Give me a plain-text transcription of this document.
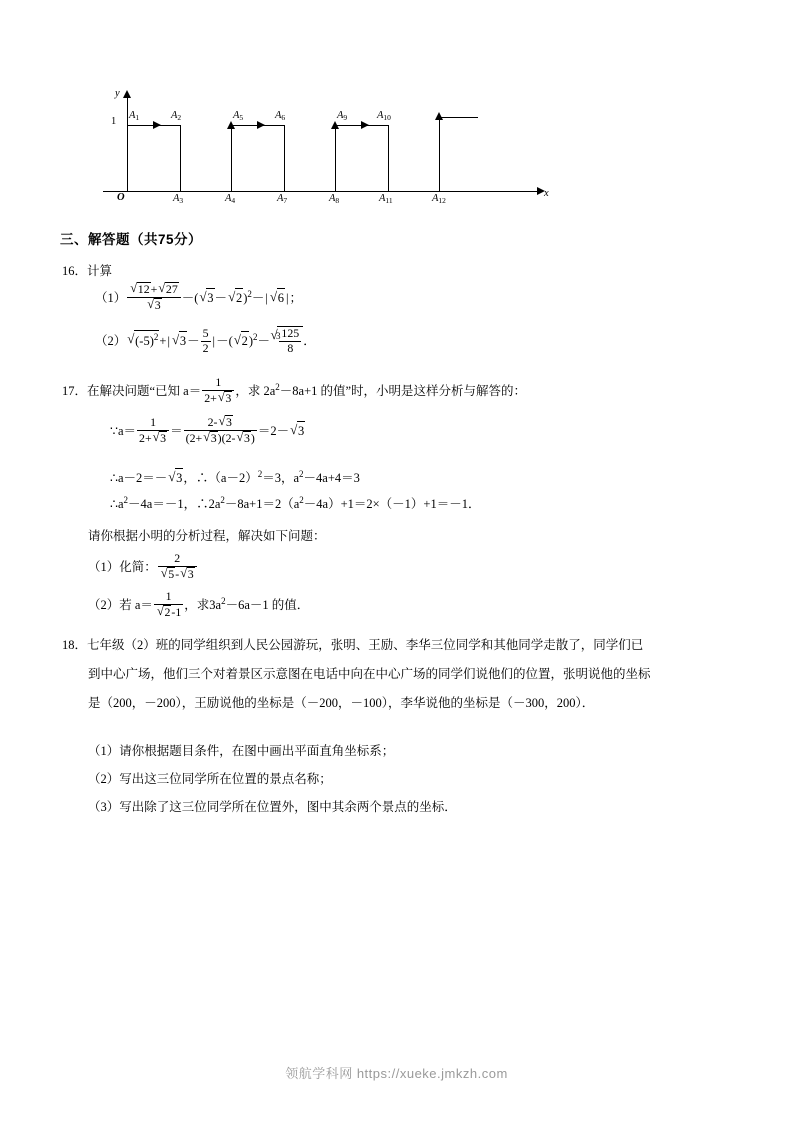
y
x
O
1
$A_1$	$A_2$	$A_5$	$A_6$	$A_9$	$A_{10}$
$A_3$	$A_4$	$A_7$	$A_8$	$A_{11}$	$A_{12}$
三、解答题（共75分）
16．计算
（1） √ 12+ √ 27
√ 3 －( √ 3－ √ 2)$^2$－| √ 6 |；
（2） √ $(-5)^2+|$ √ $3- \frac{5}{2}$ |－( √ 2)$^2$－ $^3$
√ $\frac{125}{8}$ ．
17．在解决问题“已知 $a= \frac{1}{2+ √ 3}$ ，求 $2a^2-8a+1$ 的值”时，小明是这样分析与解答的：
∵a＝ $\frac{1}{2+ √ 3} = \frac{2- √ 3}{(2+ √ 3)(2- √ 3)} =2-$ √ 3
∴a－2＝－ √ 3，$\therefore(a-2)^2=3$，$a^2-4a+4=3$
$\therefore a^2-4a=-1$，$\therefore 2a^2-8a+1=2(a^2-4a)+1=2\times(-1)+1=-1$．
请你根据小明的分析过程，解决如下问题：
（1）化简： 2
√ 5- √ 3
（2）若 a＝ 1
√ 2-1 ，求$3a^2-6a-1$ 的值．
18．七年级（2）班的同学组织到人民公园游玩，张明、王励、李华三位同学和其他同学走散了，同学们已
到中心广场，他们三个对着景区示意图在电话中向在中心广场的同学们说他们的位置，张明说他的坐标
是（200，－200），王励说他的坐标是（－200，－100），李华说他的坐标是（－300，200）．
（1）请你根据题目条件，在图中画出平面直角坐标系；
（2）写出这三位同学所在位置的景点名称；
（3）写出除了这三位同学所在位置外，图中其余两个景点的坐标．
领航学科网 https://xueke.jmkzh.com
